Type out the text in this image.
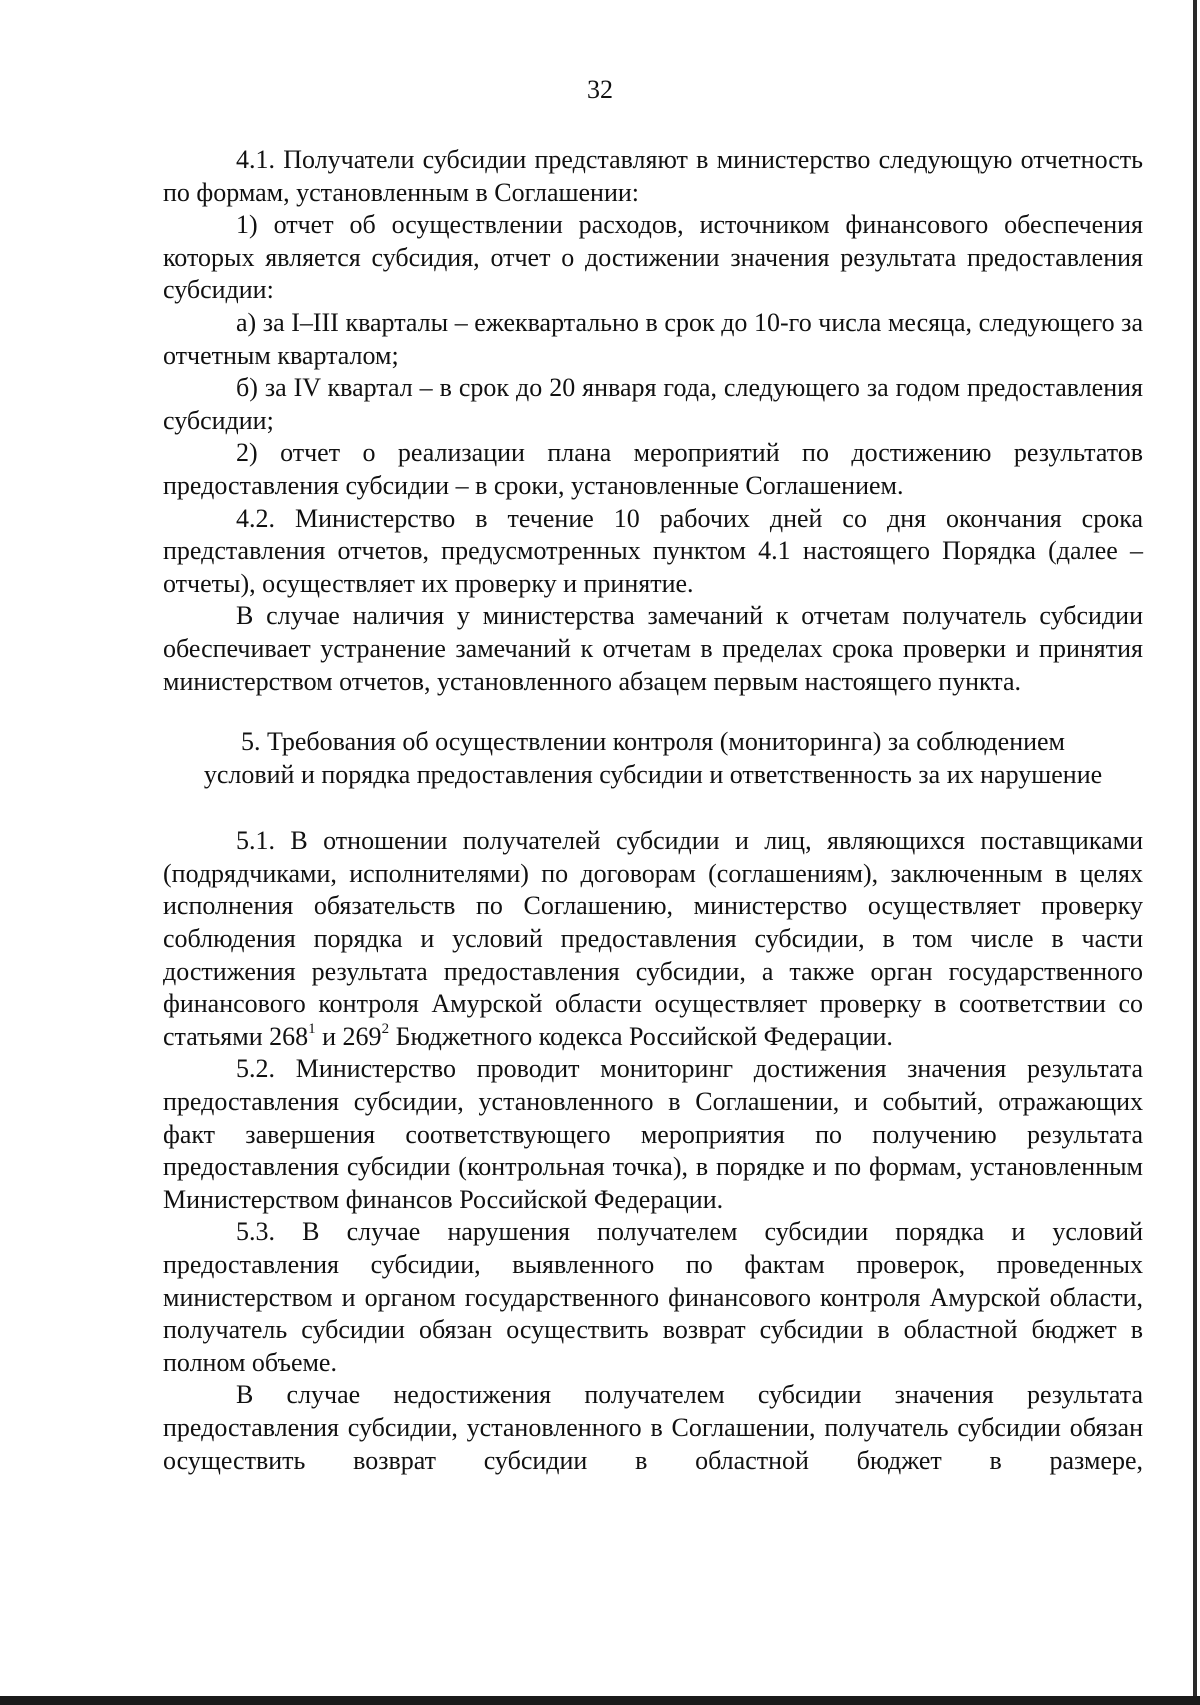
32

4.1. Получатели субсидии представляют в министерство следующую отчетность по формам, установленным в Соглашении:

1) отчет об осуществлении расходов, источником финансового обеспечения которых является субсидия, отчет о достижении значения результата предоставления субсидии:

а) за I–III кварталы – ежеквартально в срок до 10-го числа месяца, следующего за отчетным кварталом;

б) за IV квартал – в срок до 20 января года, следующего за годом предоставления субсидии;

2) отчет о реализации плана мероприятий по достижению результатов предоставления субсидии – в сроки, установленные Соглашением.

4.2. Министерство в течение 10 рабочих дней со дня окончания срока представления отчетов, предусмотренных пунктом 4.1 настоящего Порядка (далее – отчеты), осуществляет их проверку и принятие.

В случае наличия у министерства замечаний к отчетам получатель субсидии обеспечивает устранение замечаний к отчетам в пределах срока проверки и принятия министерством отчетов, установленного абзацем первым настоящего пункта.

5. Требования об осуществлении контроля (мониторинга) за соблюдением условий и порядка предоставления субсидии и ответственность за их нарушение

5.1. В отношении получателей субсидии и лиц, являющихся поставщиками (подрядчиками, исполнителями) по договорам (соглашениям), заключенным в целях исполнения обязательств по Соглашению, министерство осуществляет проверку соблюдения порядка и условий предоставления субсидии, в том числе в части достижения результата предоставления субсидии, а также орган государственного финансового контроля Амурской области осуществляет проверку в соответствии со статьями $268^1$ и $269^2$ Бюджетного кодекса Российской Федерации.

5.2. Министерство проводит мониторинг достижения значения результата предоставления субсидии, установленного в Соглашении, и событий, отражающих факт завершения соответствующего мероприятия по получению результата предоставления субсидии (контрольная точка), в порядке и по формам, установленным Министерством финансов Российской Федерации.

5.3. В случае нарушения получателем субсидии порядка и условий предоставления субсидии, выявленного по фактам проверок, проведенных министерством и органом государственного финансового контроля Амурской области, получатель субсидии обязан осуществить возврат субсидии в областной бюджет в полном объеме.

В случае недостижения получателем субсидии значения результата предоставления субсидии, установленного в Соглашении, получатель субсидии обязан осуществить возврат субсидии в областной бюджет в размере,
